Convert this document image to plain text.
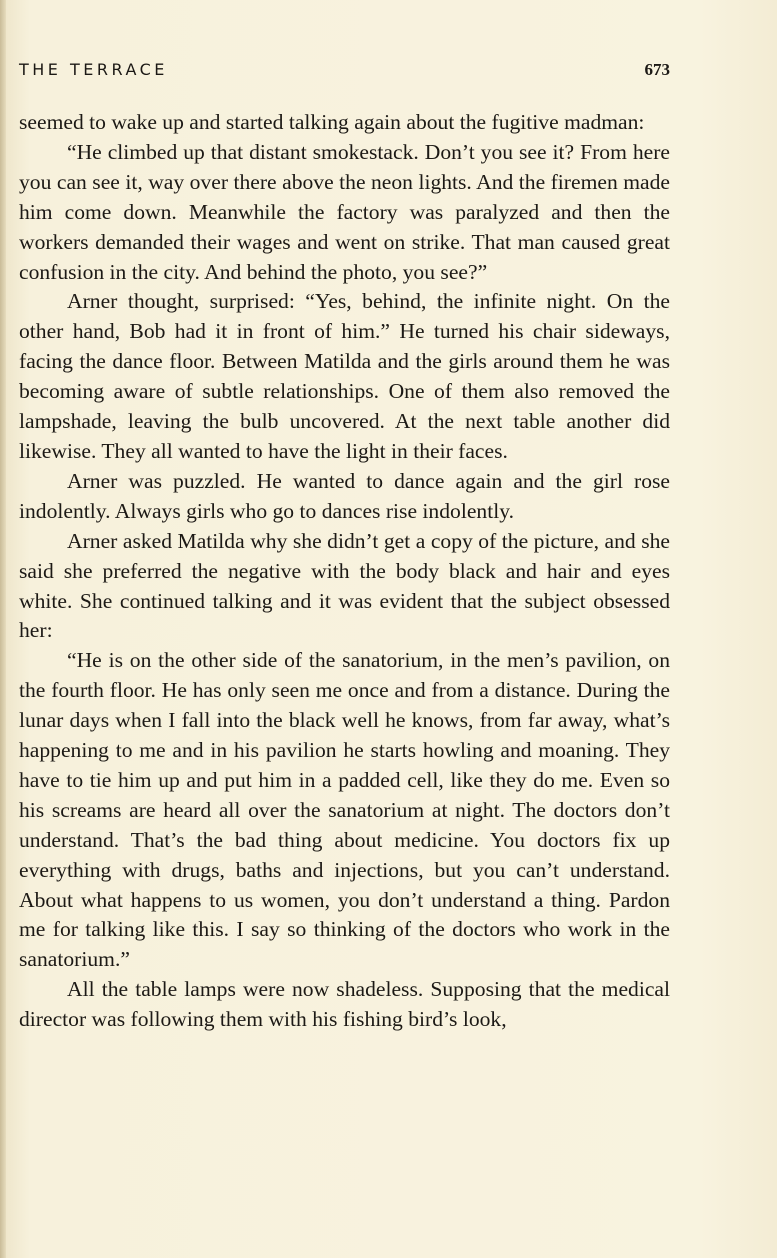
THE TERRACE	673

seemed to wake up and started talking again about the fugitive madman:

“He climbed up that distant smokestack. Don’t you see it? From here you can see it, way over there above the neon lights. And the firemen made him come down. Meanwhile the factory was paralyzed and then the workers demanded their wages and went on strike. That man caused great confusion in the city. And behind the photo, you see?”

Arner thought, surprised: “Yes, behind, the infinite night. On the other hand, Bob had it in front of him.” He turned his chair sideways, facing the dance floor. Between Matilda and the girls around them he was becoming aware of subtle relationships. One of them also removed the lampshade, leaving the bulb uncovered. At the next table another did likewise. They all wanted to have the light in their faces.

Arner was puzzled. He wanted to dance again and the girl rose indolently. Always girls who go to dances rise indolently.

Arner asked Matilda why she didn’t get a copy of the picture, and she said she preferred the negative with the body black and hair and eyes white. She continued talking and it was evident that the subject obsessed her:

“He is on the other side of the sanatorium, in the men’s pavilion, on the fourth floor. He has only seen me once and from a distance. During the lunar days when I fall into the black well he knows, from far away, what’s happening to me and in his pavilion he starts howling and moaning. They have to tie him up and put him in a padded cell, like they do me. Even so his screams are heard all over the sanatorium at night. The doctors don’t understand. That’s the bad thing about medicine. You doctors fix up everything with drugs, baths and injections, but you can’t understand. About what happens to us women, you don’t understand a thing. Pardon me for talking like this. I say so thinking of the doctors who work in the sanatorium.”

All the table lamps were now shadeless. Supposing that the medical director was following them with his fishing bird’s look,
